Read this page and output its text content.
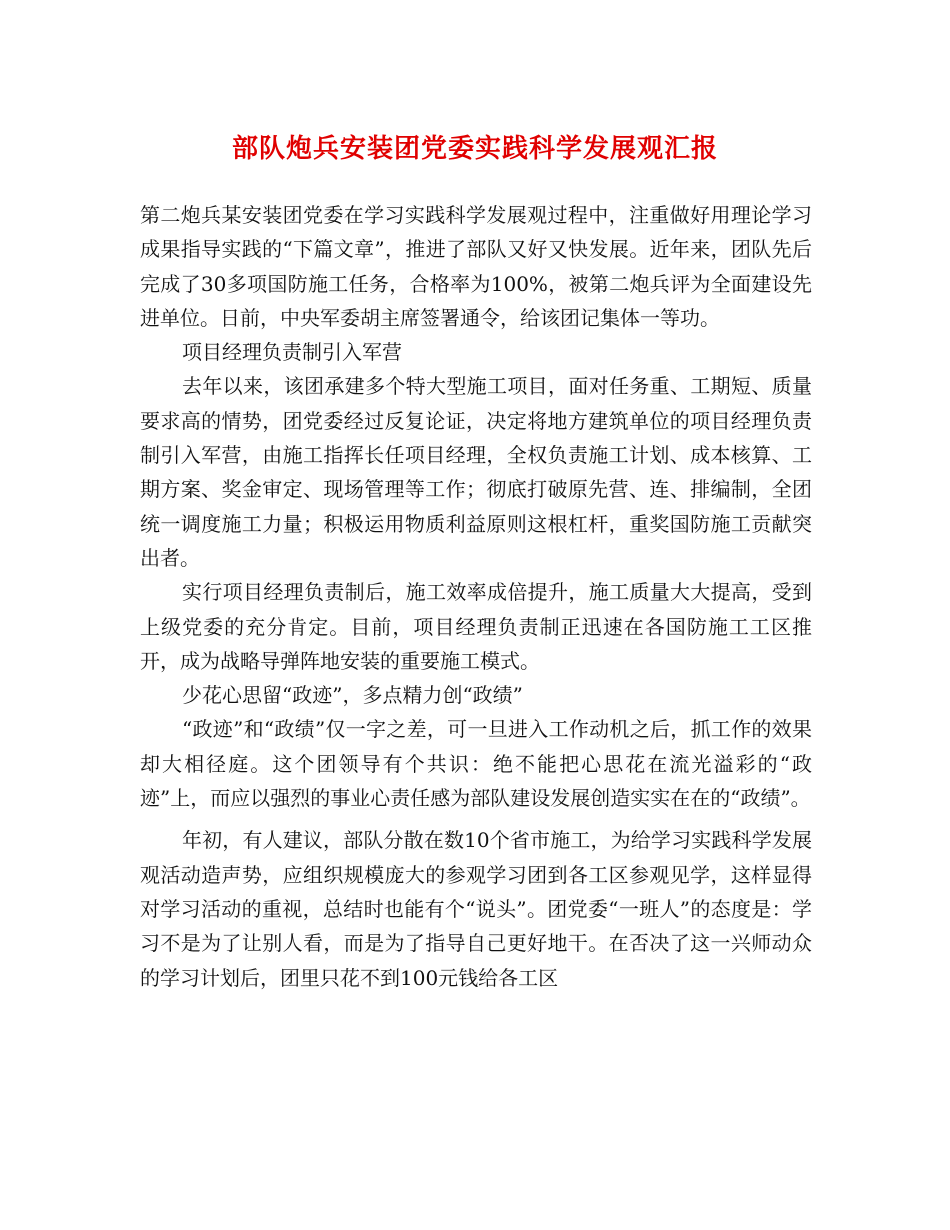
部队炮兵安装团党委实践科学发展观汇报

第二炮兵某安装团党委在学习实践科学发展观过程中，注重做好用理论学习成果指导实践的“下篇文章”，推进了部队又好又快发展。近年来，团队先后完成了30多项国防施工任务，合格率为100%，被第二炮兵评为全面建设先进单位。日前，中央军委胡主席签署通令，给该团记集体一等功。

项目经理负责制引入军营

去年以来，该团承建多个特大型施工项目，面对任务重、工期短、质量要求高的情势，团党委经过反复论证，决定将地方建筑单位的项目经理负责制引入军营，由施工指挥长任项目经理，全权负责施工计划、成本核算、工期方案、奖金审定、现场管理等工作；彻底打破原先营、连、排编制，全团统一调度施工力量；积极运用物质利益原则这根杠杆，重奖国防施工贡献突出者。

实行项目经理负责制后，施工效率成倍提升，施工质量大大提高，受到上级党委的充分肯定。目前，项目经理负责制正迅速在各国防施工工区推开，成为战略导弹阵地安装的重要施工模式。

少花心思留“政迹”，多点精力创“政绩”

“政迹”和“政绩”仅一字之差，可一旦进入工作动机之后，抓工作的效果却大相径庭。这个团领导有个共识：绝不能把心思花在流光溢彩的“政迹”上，而应以强烈的事业心责任感为部队建设发展创造实实在在的“政绩”。

年初，有人建议，部队分散在数10个省市施工，为给学习实践科学发展观活动造声势，应组织规模庞大的参观学习团到各工区参观见学，这样显得对学习活动的重视，总结时也能有个“说头”。团党委“一班人”的态度是：学习不是为了让别人看，而是为了指导自己更好地干。在否决了这一兴师动众的学习计划后，团里只花不到100元钱给各工区
